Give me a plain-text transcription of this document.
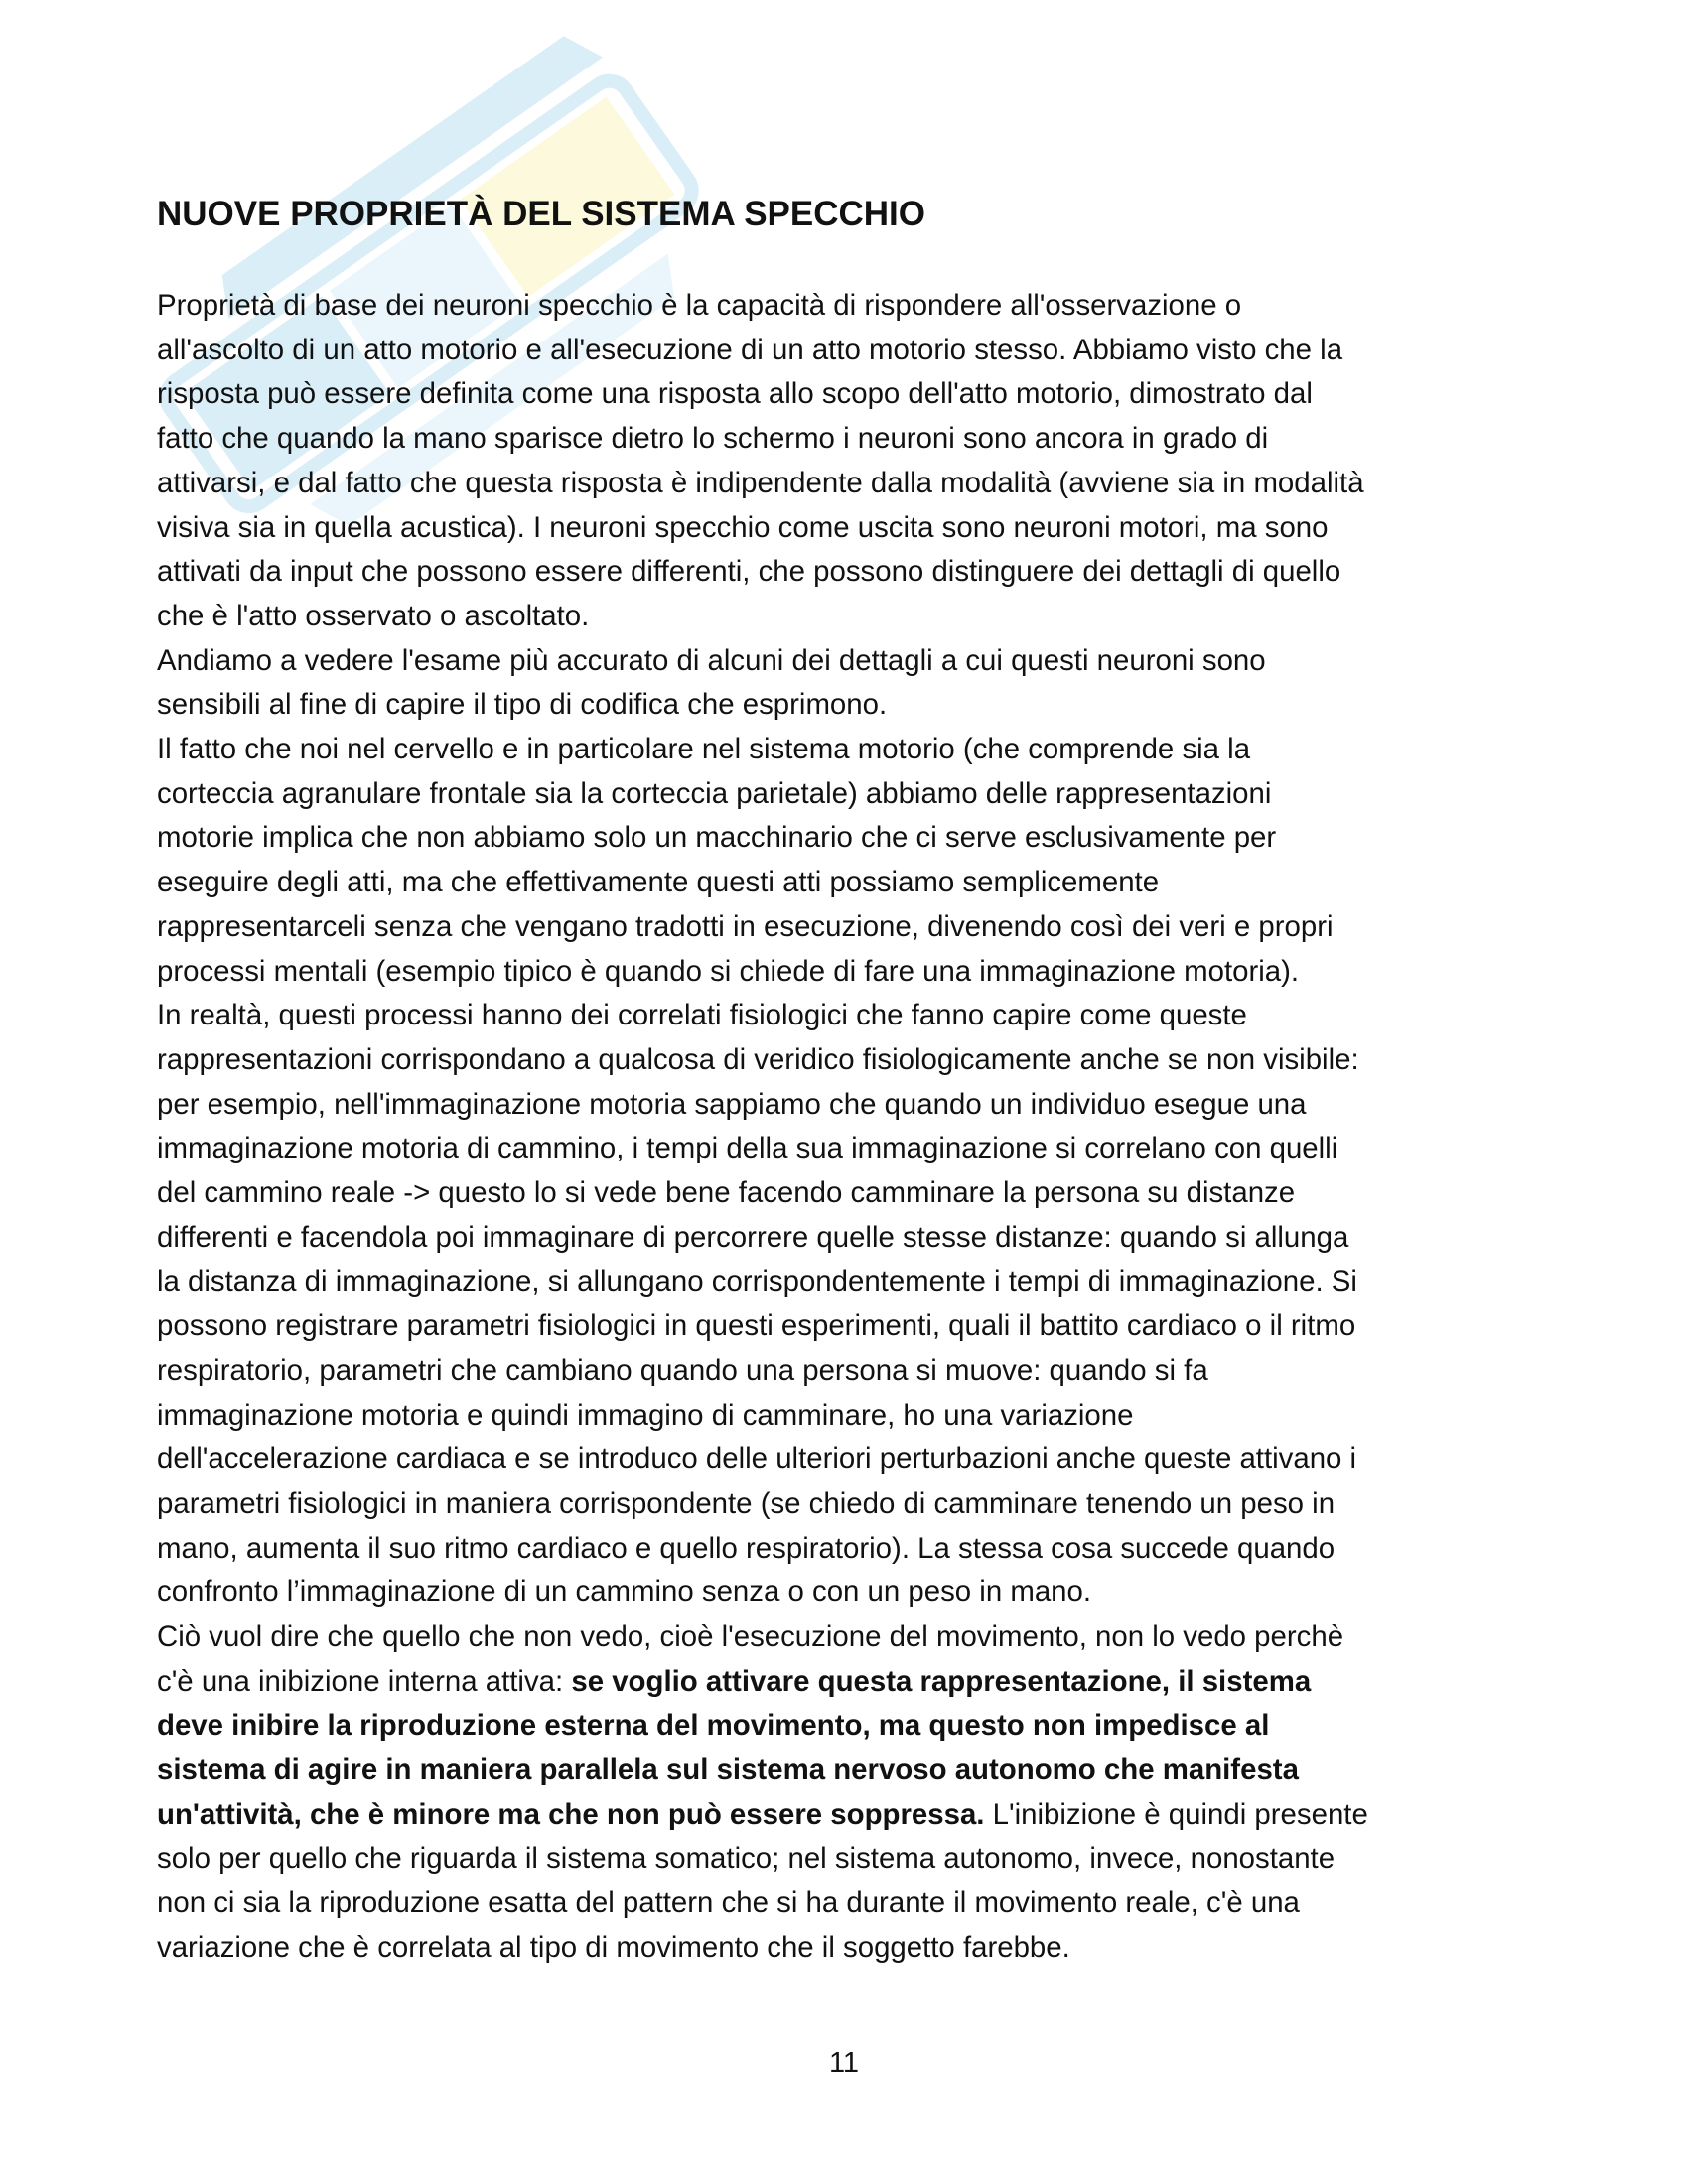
NUOVE PROPRIETÀ DEL SISTEMA SPECCHIO
Proprietà di base dei neuroni specchio è la capacità di rispondere all'osservazione o
all'ascolto di un atto motorio e all'esecuzione di un atto motorio stesso. Abbiamo visto che la
risposta può essere definita come una risposta allo scopo dell'atto motorio, dimostrato dal
fatto che quando la mano sparisce dietro lo schermo i neuroni sono ancora in grado di
attivarsi, e dal fatto che questa risposta è indipendente dalla modalità (avviene sia in modalità
visiva sia in quella acustica). I neuroni specchio come uscita sono neuroni motori, ma sono
attivati da input che possono essere differenti, che possono distinguere dei dettagli di quello
che è l'atto osservato o ascoltato.
Andiamo a vedere l'esame più accurato di alcuni dei dettagli a cui questi neuroni sono
sensibili al fine di capire il tipo di codifica che esprimono.
Il fatto che noi nel cervello e in particolare nel sistema motorio (che comprende sia la
corteccia agranulare frontale sia la corteccia parietale) abbiamo delle rappresentazioni
motorie implica che non abbiamo solo un macchinario che ci serve esclusivamente per
eseguire degli atti, ma che effettivamente questi atti possiamo semplicemente
rappresentarceli senza che vengano tradotti in esecuzione, divenendo così dei veri e propri
processi mentali (esempio tipico è quando si chiede di fare una immaginazione motoria).
In realtà, questi processi hanno dei correlati fisiologici che fanno capire come queste
rappresentazioni corrispondano a qualcosa di veridico fisiologicamente anche se non visibile:
per esempio, nell'immaginazione motoria sappiamo che quando un individuo esegue una
immaginazione motoria di cammino, i tempi della sua immaginazione si correlano con quelli
del cammino reale -> questo lo si vede bene facendo camminare la persona su distanze
differenti e facendola poi immaginare di percorrere quelle stesse distanze: quando si allunga
la distanza di immaginazione, si allungano corrispondentemente i tempi di immaginazione. Si
possono registrare parametri fisiologici in questi esperimenti, quali il battito cardiaco o il ritmo
respiratorio, parametri che cambiano quando una persona si muove: quando si fa
immaginazione motoria e quindi immagino di camminare, ho una variazione
dell'accelerazione cardiaca e se introduco delle ulteriori perturbazioni anche queste attivano i
parametri fisiologici in maniera corrispondente (se chiedo di camminare tenendo un peso in
mano, aumenta il suo ritmo cardiaco e quello respiratorio). La stessa cosa succede quando
confronto l’immaginazione di un cammino senza o con un peso in mano.
Ciò vuol dire che quello che non vedo, cioè l'esecuzione del movimento, non lo vedo perchè
c'è una inibizione interna attiva: se voglio attivare questa rappresentazione, il sistema
deve inibire la riproduzione esterna del movimento, ma questo non impedisce al
sistema di agire in maniera parallela sul sistema nervoso autonomo che manifesta
un'attività, che è minore ma che non può essere soppressa. L'inibizione è quindi presente
solo per quello che riguarda il sistema somatico; nel sistema autonomo, invece, nonostante
non ci sia la riproduzione esatta del pattern che si ha durante il movimento reale, c'è una
variazione che è correlata al tipo di movimento che il soggetto farebbe.
11
